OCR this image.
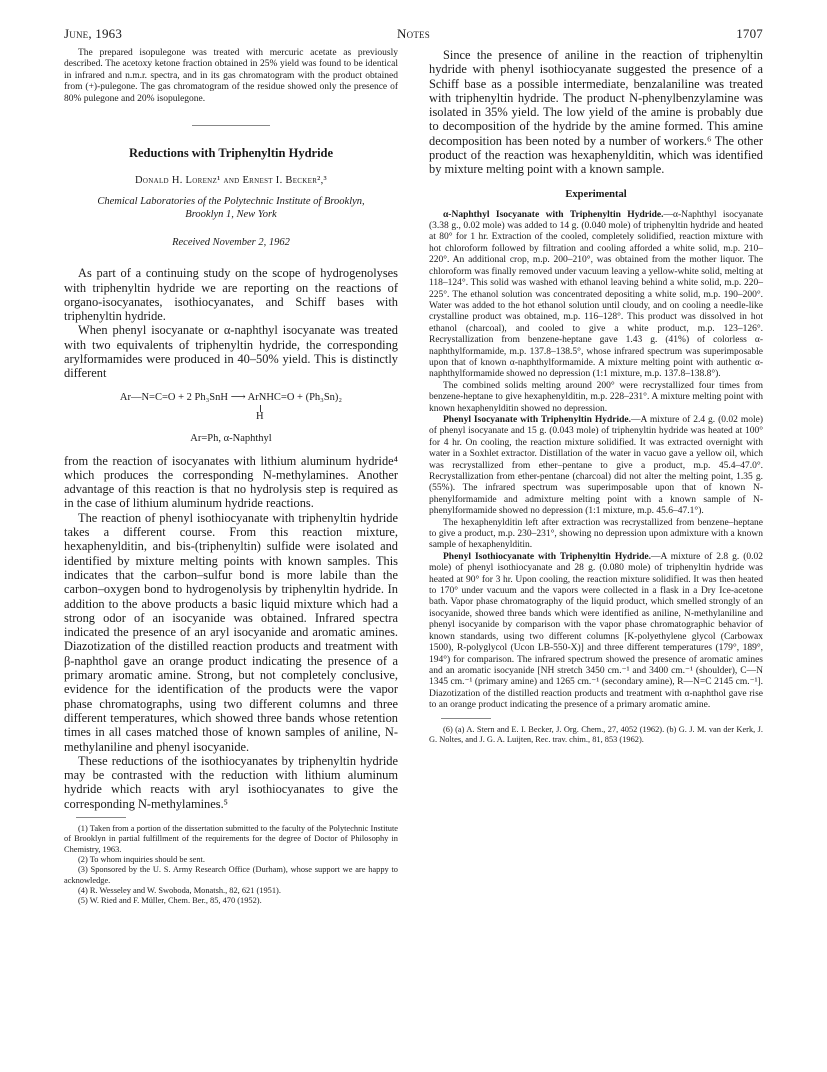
June, 1963	Notes	1707

The prepared isopulegone was treated with mercuric acetate as previously described. The acetoxy ketone fraction obtained in 25% yield was found to be identical in infrared and n.m.r. spectra, and in its gas chromatogram with the product obtained from (+)-pulegone. The gas chromatogram of the residue showed only the presence of 80% pulegone and 20% isopulegone.

Reductions with Triphenyltin Hydride
Donald H. Lorenz¹ and Ernest I. Becker²,³
Chemical Laboratories of the Polytechnic Institute of Brooklyn,
Brooklyn 1, New York
Received November 2, 1962

As part of a continuing study on the scope of hydrogenolyses with triphenyltin hydride we are reporting on the reactions of organo-isocyanates, isothiocyanates, and Schiff bases with triphenyltin hydride.

When phenyl isocyanate or α-naphthyl isocyanate was treated with two equivalents of triphenyltin hydride, the corresponding arylformamides were produced in 40–50% yield. This is distinctly different

Ar—N=C=O + 2 Ph₃SnH ⟶ ArNHC=O + (Ph₃Sn)₂
H
Ar=Ph, α-Naphthyl

from the reaction of isocyanates with lithium aluminum hydride⁴ which produces the corresponding N-methylamines. Another advantage of this reaction is that no hydrolysis step is required as in the case of lithium aluminum hydride reactions.

The reaction of phenyl isothiocyanate with triphenyltin hydride takes a different course. From this reaction mixture, hexaphenylditin, and bis-(triphenyltin) sulfide were isolated and identified by mixture melting points with known samples. This indicates that the carbon–sulfur bond is more labile than the carbon–oxygen bond to hydrogenolysis by triphenyltin hydride. In addition to the above products a basic liquid mixture which had a strong odor of an isocyanide was obtained. Infrared spectra indicated the presence of an aryl isocyanide and aromatic amines. Diazotization of the distilled reaction products and treatment with β-naphthol gave an orange product indicating the presence of a primary aromatic amine. Strong, but not completely conclusive, evidence for the identification of the products were the vapor phase chromatographs, using two different columns and three different temperatures, which showed three bands whose retention times in all cases matched those of known samples of aniline, N-methylaniline and phenyl isocyanide.

These reductions of the isothiocyanates by triphenyltin hydride may be contrasted with the reduction with lithium aluminum hydride which reacts with aryl isothiocyanates to give the corresponding N-methylamines.⁵

(1) Taken from a portion of the dissertation submitted to the faculty of the Polytechnic Institute of Brooklyn in partial fulfillment of the requirements for the degree of Doctor of Philosophy in Chemistry, 1963.

(2) To whom inquiries should be sent.

(3) Sponsored by the U. S. Army Research Office (Durham), whose support we are happy to acknowledge.

(4) R. Wesseley and W. Swoboda, Monatsh., 82, 621 (1951).

(5) W. Ried and F. Müller, Chem. Ber., 85, 470 (1952).

Since the presence of aniline in the reaction of triphenyltin hydride with phenyl isothiocyanate suggested the presence of a Schiff base as a possible intermediate, benzalaniline was treated with triphenyltin hydride. The product N-phenylbenzylamine was isolated in 35% yield. The low yield of the amine is probably due to decomposition of the hydride by the amine formed. This amine decomposition has been noted by a number of workers.⁶ The other product of the reaction was hexaphenylditin, which was identified by mixture melting point with a known sample.

Experimental

α-Naphthyl Isocyanate with Triphenyltin Hydride.—α-Naphthyl isocyanate (3.38 g., 0.02 mole) was added to 14 g. (0.040 mole) of triphenyltin hydride and heated at 80° for 1 hr. Extraction of the cooled, completely solidified, reaction mixture with hot chloroform followed by filtration and cooling afforded a white solid, m.p. 210–220°. An additional crop, m.p. 200–210°, was obtained from the mother liquor. The chloroform was finally removed under vacuum leaving a yellow-white solid, melting at 118–124°. This solid was washed with ethanol leaving behind a white solid, m.p. 220–225°. The ethanol solution was concentrated depositing a white solid, m.p. 190–200°. Water was added to the hot ethanol solution until cloudy, and on cooling a needle-like crystalline product was obtained, m.p. 116–128°. This product was dissolved in hot ethanol (charcoal), and cooled to give a white product, m.p. 123–126°. Recrystallization from benzene-heptane gave 1.43 g. (41%) of colorless α-naphthylformamide, m.p. 137.8–138.5°, whose infrared spectrum was superimposable upon that of known α-naphthylformamide. A mixture melting point with authentic α-naphthylformamide showed no depression (1:1 mixture, m.p. 137.8–138.8°).

The combined solids melting around 200° were recrystallized four times from benzene-heptane to give hexaphenylditin, m.p. 228–231°. A mixture melting point with known hexaphenylditin showed no depression.

Phenyl Isocyanate with Triphenyltin Hydride.—A mixture of 2.4 g. (0.02 mole) of phenyl isocyanate and 15 g. (0.043 mole) of triphenyltin hydride was heated at 100° for 4 hr. On cooling, the reaction mixture solidified. It was extracted overnight with water in a Soxhlet extractor. Distillation of the water in vacuo gave a yellow oil, which was recrystallized from ether–pentane to give a product, m.p. 45.4–47.0°. Recrystallization from ether-pentane (charcoal) did not alter the melting point, 1.35 g. (55%). The infrared spectrum was superimposable upon that of known N-phenylformamide and admixture melting point with a known sample of N-phenylformamide showed no depression (1:1 mixture, m.p. 45.6–47.1°).

The hexaphenylditin left after extraction was recrystallized from benzene–heptane to give a product, m.p. 230–231°, showing no depression upon admixture with a known sample of hexaphenylditin.

Phenyl Isothiocyanate with Triphenyltin Hydride.—A mixture of 2.8 g. (0.02 mole) of phenyl isothiocyanate and 28 g. (0.080 mole) of triphenyltin hydride was heated at 90° for 3 hr. Upon cooling, the reaction mixture solidified. It was then heated to 170° under vacuum and the vapors were collected in a flask in a Dry Ice-acetone bath. Vapor phase chromatography of the liquid product, which smelled strongly of an isocyanide, showed three bands which were identified as aniline, N-methylaniline and phenyl isocyanide by comparison with the vapor phase chromatographic behavior of known standards, using two different columns [K-polyethylene glycol (Carbowax 1500), R-polyglycol (Ucon LB-550-X)] and three different temperatures (179°, 189°, 194°) for comparison. The infrared spectrum showed the presence of aromatic amines and an aromatic isocyanide [NH stretch 3450 cm.⁻¹ and 3400 cm.⁻¹ (shoulder), C—N 1345 cm.⁻¹ (primary amine) and 1265 cm.⁻¹ (secondary amine), R—N=C 2145 cm.⁻¹]. Diazotization of the distilled reaction products and treatment with α-naphthol gave rise to an orange product indicating the presence of a primary aromatic amine.

(6) (a) A. Stern and E. I. Becker, J. Org. Chem., 27, 4052 (1962). (b) G. J. M. van der Kerk, J. G. Noltes, and J. G. A. Luijten, Rec. trav. chim., 81, 853 (1962).
